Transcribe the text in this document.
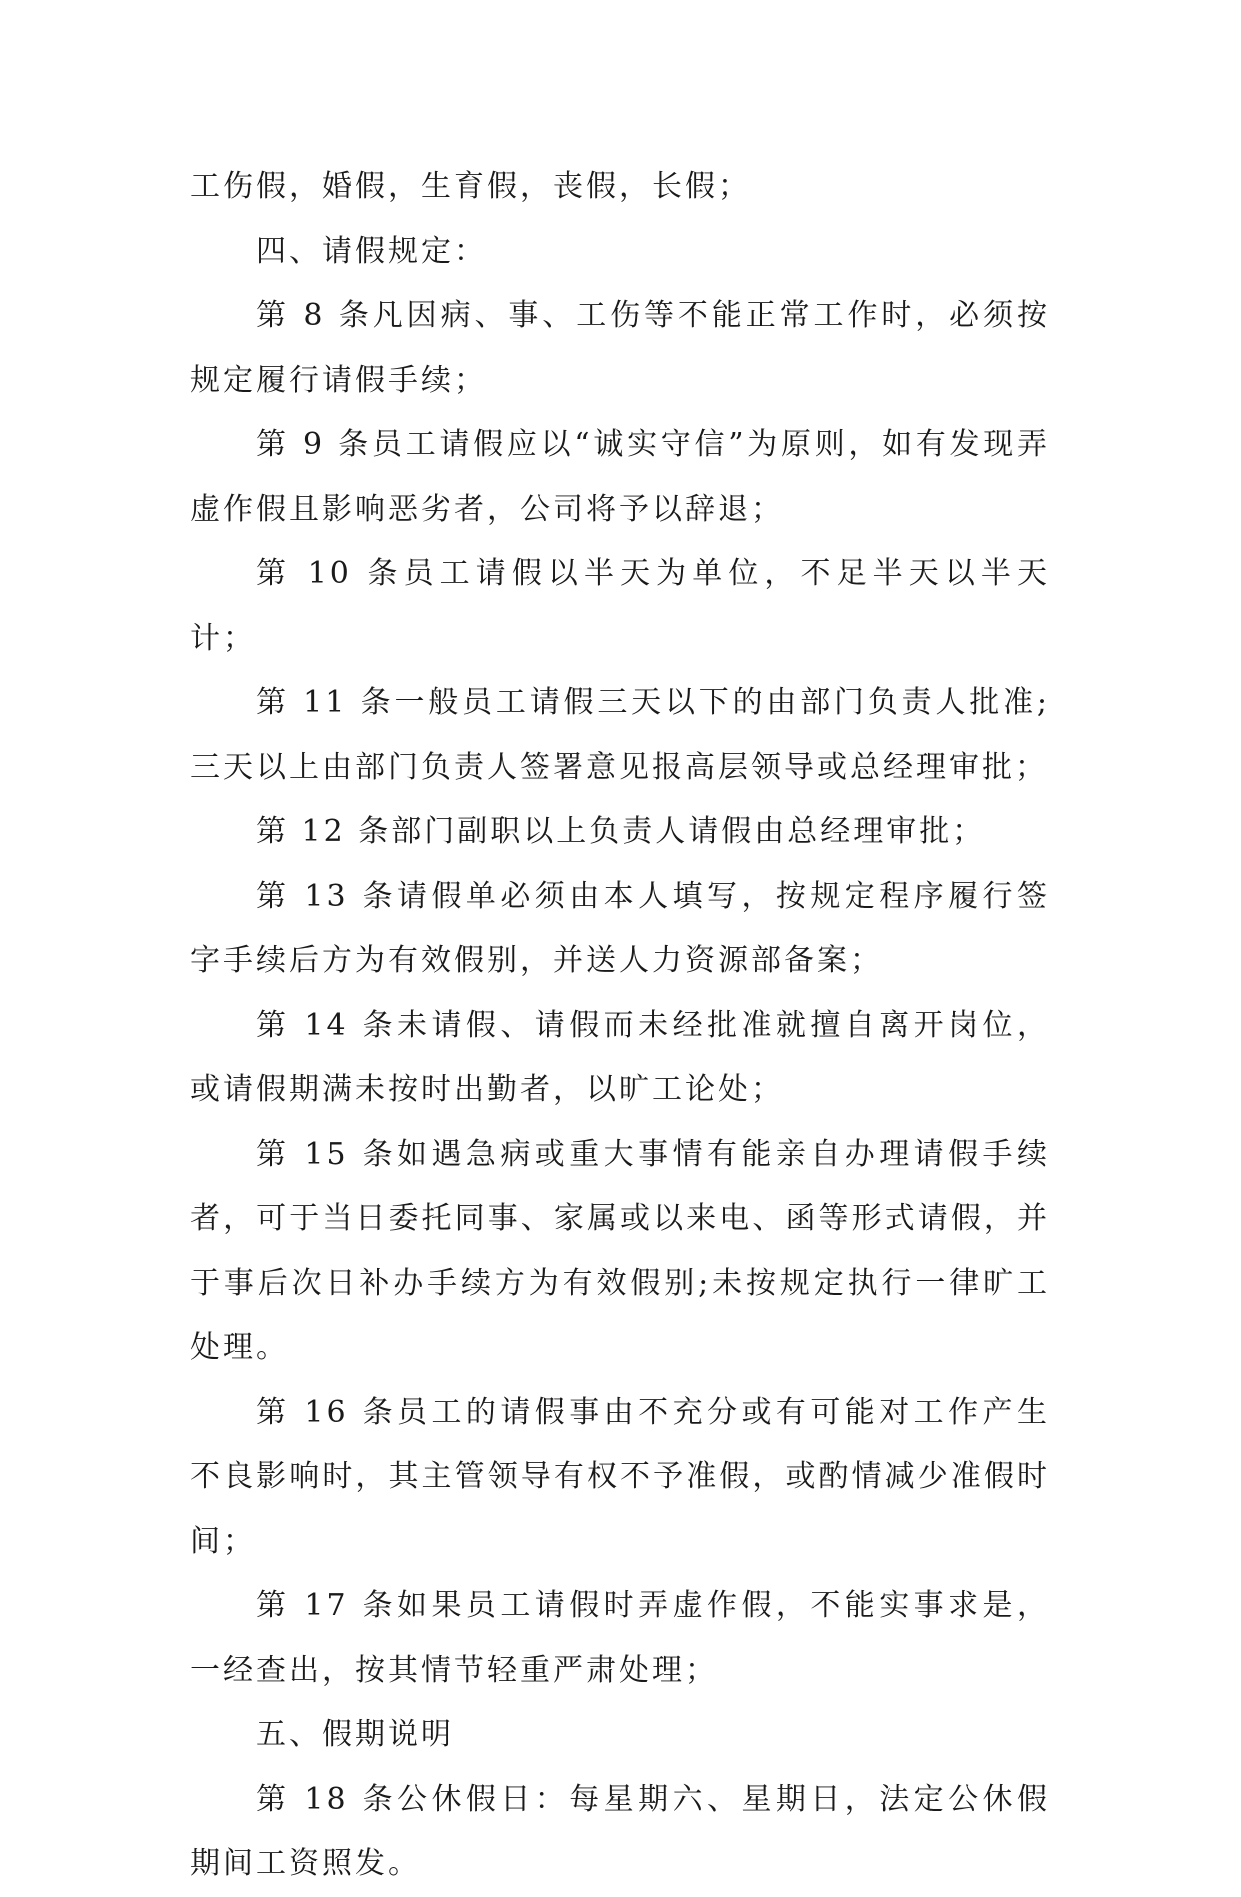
工伤假，婚假，生育假，丧假，长假；

四、请假规定：

第 8 条凡因病、事、工伤等不能正常工作时，必须按规定履行请假手续；

第 9 条员工请假应以“诚实守信”为原则，如有发现弄虚作假且影响恶劣者，公司将予以辞退；

第 10 条员工请假以半天为单位，不足半天以半天计；

第 11 条一般员工请假三天以下的由部门负责人批准;三天以上由部门负责人签署意见报高层领导或总经理审批；

第 12 条部门副职以上负责人请假由总经理审批；

第 13 条请假单必须由本人填写，按规定程序履行签字手续后方为有效假别，并送人力资源部备案；

第 14 条未请假、请假而未经批准就擅自离开岗位，或请假期满未按时出勤者，以旷工论处；

第 15 条如遇急病或重大事情有能亲自办理请假手续者，可于当日委托同事、家属或以来电、函等形式请假，并于事后次日补办手续方为有效假别;未按规定执行一律旷工处理。

第 16 条员工的请假事由不充分或有可能对工作产生不良影响时，其主管领导有权不予准假，或酌情减少准假时间；

第 17 条如果员工请假时弄虚作假，不能实事求是，一经查出，按其情节轻重严肃处理；

五、假期说明

第 18 条公休假日：每星期六、星期日，法定公休假期间工资照发。
